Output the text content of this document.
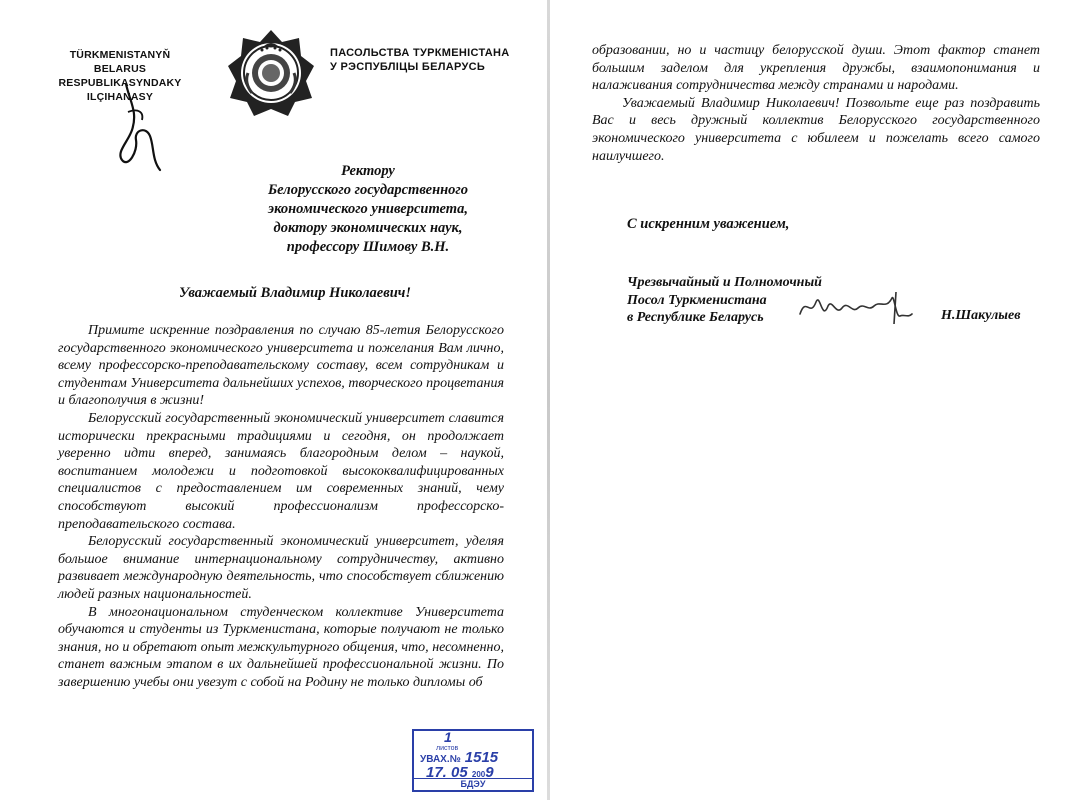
TÜRKMENISTANYŇ
BELARUS RESPUBLIKASYNDAKY
ILÇIHANASY
ПАСОЛЬСТВА ТУРКМЕНІСТАНА
У РЭСПУБЛІЦЫ БЕЛАРУСЬ
Ректору
Белорусского государственного
экономического университета,
доктору экономических наук,
профессору Шимову В.Н.
Уважаемый Владимир Николаевич!

Примите искренние поздравления по случаю 85-летия Белорусского государственного экономического университета и пожелания Вам лично, всему профессорско-преподавательскому составу, всем сотрудникам и студентам Университета дальнейших успехов, творческого процветания и благополучия в жизни!

Белорусский государственный экономический университет славится исторически прекрасными традициями и сегодня, он продолжает уверенно идти вперед, занимаясь благородным делом – наукой, воспитанием молодежи и подготовкой высококвалифицированных специалистов с предоставлением им современных знаний, чему способствуют высокий профессионализм профессорско-преподавательского состава.

Белорусский государственный экономический университет, уделяя большое внимание интернациональному сотрудничеству, активно развивает международную деятельность, что способствует сближению людей разных национальностей.

В многонациональном студенческом коллективе Университета обучаются и студенты из Туркменистана, которые получают не только знания, но и обретают опыт межкультурного общения, что, несомненно, станет важным этапом в их дальнейшей профессиональной жизни. По завершению учебы они увезут с собой на Родину не только дипломы об

образовании, но и частицу белорусской души. Этот фактор станет большим заделом для укрепления дружбы, взаимопонимания и налаживания сотрудничества между странами и народами.

Уважаемый Владимир Николаевич! Позвольте еще раз поздравить Вас и весь дружный коллектив Белорусского государственного экономического университета с юбилеем и пожелать всего самого наилучшего.

С искренним уважением,
Чрезвычайный и Полномочный
Посол Туркменистана
в Республике Беларусь	Н.Шакулыев
1
листов
УВАХ.№ 1515
17. 05 2009
БДЭУ
